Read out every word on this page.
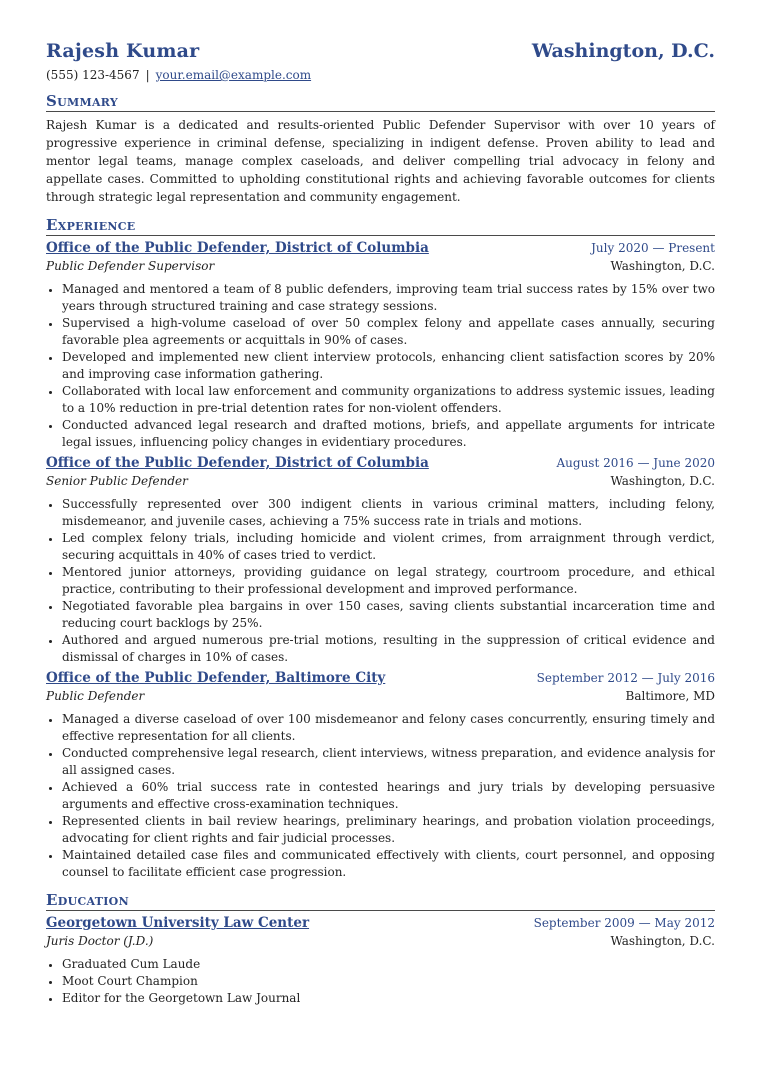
Rajesh Kumar	Washington, D.C.
(555) 123-4567 | your.email@example.com
Summary
Rajesh Kumar is a dedicated and results-oriented Public Defender Supervisor with over 10 years of progressive experience in criminal defense, specializing in indigent defense. Proven ability to lead and mentor legal teams, manage complex caseloads, and deliver compelling trial advocacy in felony and appellate cases. Committed to upholding constitutional rights and achieving favorable outcomes for clients through strategic legal representation and community engagement.
Experience
Office of the Public Defender, District of Columbia	July 2020 — Present
Public Defender Supervisor	Washington, D.C.
• Managed and mentored a team of 8 public defenders, improving team trial success rates by 15% over two years through structured training and case strategy sessions.
• Supervised a high-volume caseload of over 50 complex felony and appellate cases annually, securing favorable plea agreements or acquittals in 90% of cases.
• Developed and implemented new client interview protocols, enhancing client satisfaction scores by 20% and improving case information gathering.
• Collaborated with local law enforcement and community organizations to address systemic issues, leading to a 10% reduction in pre-trial detention rates for non-violent offenders.
• Conducted advanced legal research and drafted motions, briefs, and appellate arguments for intricate legal issues, influencing policy changes in evidentiary procedures.
Office of the Public Defender, District of Columbia	August 2016 — June 2020
Senior Public Defender	Washington, D.C.
• Successfully represented over 300 indigent clients in various criminal matters, including felony, misdemeanor, and juvenile cases, achieving a 75% success rate in trials and motions.
• Led complex felony trials, including homicide and violent crimes, from arraignment through verdict, securing acquittals in 40% of cases tried to verdict.
• Mentored junior attorneys, providing guidance on legal strategy, courtroom procedure, and ethical practice, contributing to their professional development and improved performance.
• Negotiated favorable plea bargains in over 150 cases, saving clients substantial incarceration time and reducing court backlogs by 25%.
• Authored and argued numerous pre-trial motions, resulting in the suppression of critical evidence and dismissal of charges in 10% of cases.
Office of the Public Defender, Baltimore City	September 2012 — July 2016
Public Defender	Baltimore, MD
• Managed a diverse caseload of over 100 misdemeanor and felony cases concurrently, ensuring timely and effective representation for all clients.
• Conducted comprehensive legal research, client interviews, witness preparation, and evidence analysis for all assigned cases.
• Achieved a 60% trial success rate in contested hearings and jury trials by developing persuasive arguments and effective cross-examination techniques.
• Represented clients in bail review hearings, preliminary hearings, and probation violation proceedings, advocating for client rights and fair judicial processes.
• Maintained detailed case files and communicated effectively with clients, court personnel, and opposing counsel to facilitate efficient case progression.
Education
Georgetown University Law Center	September 2009 — May 2012
Juris Doctor (J.D.)	Washington, D.C.
• Graduated Cum Laude
• Moot Court Champion
• Editor for the Georgetown Law Journal
